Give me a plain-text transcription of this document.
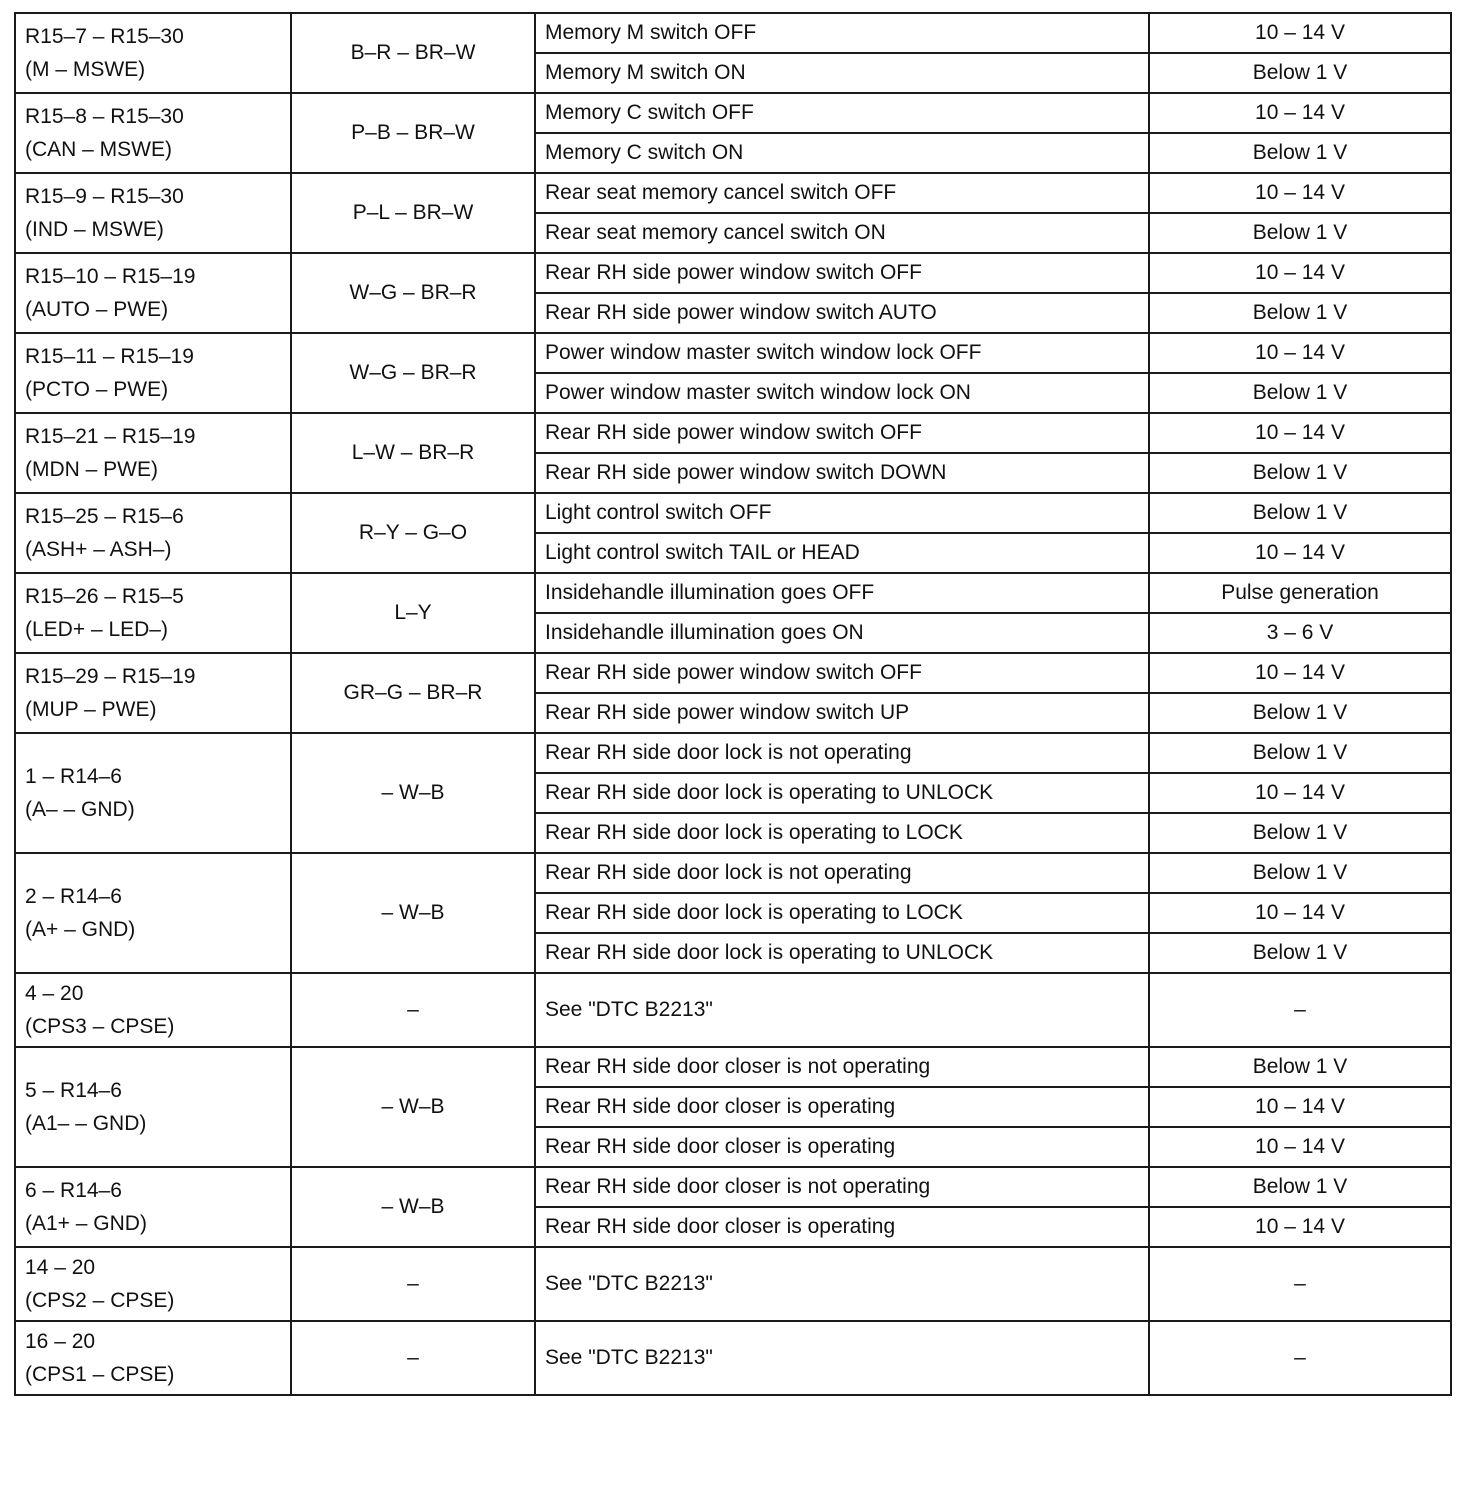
R15–7 – R15–30
(M – MSWE)	B–R – BR–W	Memory M switch OFF	10 – 14 V
		Memory M switch ON	Below 1 V

R15–8 – R15–30
(CAN – MSWE)	P–B – BR–W	Memory C switch OFF	10 – 14 V
		Memory C switch ON	Below 1 V

R15–9 – R15–30
(IND – MSWE)	P–L – BR–W	Rear seat memory cancel switch OFF	10 – 14 V
		Rear seat memory cancel switch ON	Below 1 V

R15–10 – R15–19
(AUTO – PWE)	W–G – BR–R	Rear RH side power window switch OFF	10 – 14 V
		Rear RH side power window switch AUTO	Below 1 V

R15–11 – R15–19
(PCTO – PWE)	W–G – BR–R	Power window master switch window lock OFF	10 – 14 V
		Power window master switch window lock ON	Below 1 V

R15–21 – R15–19
(MDN – PWE)	L–W – BR–R	Rear RH side power window switch OFF	10 – 14 V
		Rear RH side power window switch DOWN	Below 1 V

R15–25 – R15–6
(ASH+ – ASH–)	R–Y – G–O	Light control switch OFF	Below 1 V
		Light control switch TAIL or HEAD	10 – 14 V

R15–26 – R15–5
(LED+ – LED–)	L–Y	Insidehandle illumination goes OFF	Pulse generation
		Insidehandle illumination goes ON	3 – 6 V

R15–29 – R15–19
(MUP – PWE)	GR–G – BR–R	Rear RH side power window switch OFF	10 – 14 V
		Rear RH side power window switch UP	Below 1 V

1 – R14–6
(A– – GND)	– W–B	Rear RH side door lock is not operating	Below 1 V
		Rear RH side door lock is operating to UNLOCK	10 – 14 V
		Rear RH side door lock is operating to LOCK	Below 1 V

2 – R14–6
(A+ – GND)	– W–B	Rear RH side door lock is not operating	Below 1 V
		Rear RH side door lock is operating to LOCK	10 – 14 V
		Rear RH side door lock is operating to UNLOCK	Below 1 V

4 – 20
(CPS3 – CPSE)	–	See "DTC B2213"	–

5 – R14–6
(A1– – GND)	– W–B	Rear RH side door closer is not operating	Below 1 V
		Rear RH side door closer is operating	10 – 14 V
		Rear RH side door closer is operating	10 – 14 V

6 – R14–6
(A1+ – GND)	– W–B	Rear RH side door closer is not operating	Below 1 V
		Rear RH side door closer is operating	10 – 14 V

14 – 20
(CPS2 – CPSE)	–	See "DTC B2213"	–

16 – 20
(CPS1 – CPSE)	–	See "DTC B2213"	–
